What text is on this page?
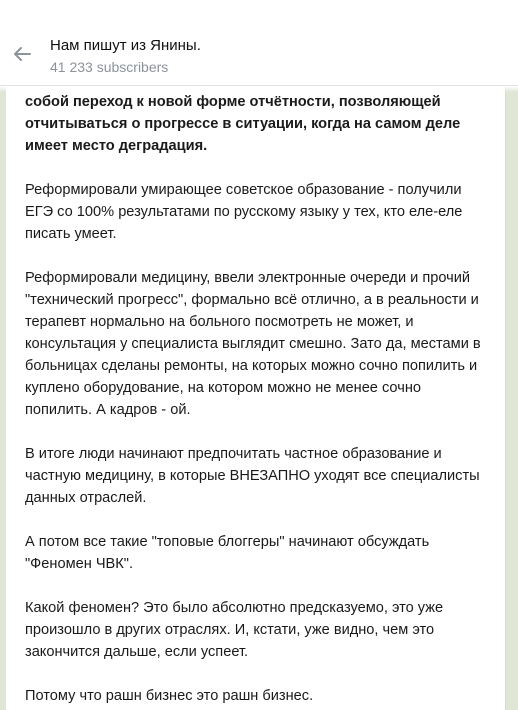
Нам пишут из Янины.
41 233 subscribers
собой переход к новой форме отчётности, позволяющей отчитываться о прогрессе в ситуации, когда на самом деле имеет место деградация.
Реформировали умирающее советское образование - получили ЕГЭ со 100% результатами по русскому языку у тех, кто еле-еле писать умеет.
Реформировали медицину, ввели электронные очереди и прочий "технический прогресс", формально всё отлично, а в реальности и терапевт нормально на больного посмотреть не может, и консультация у специалиста выглядит смешно. Зато да, местами в больницах сделаны ремонты, на которых можно сочно попилить и куплено оборудование, на котором можно не менее сочно попилить. А кадров - ой.
В итоге люди начинают предпочитать частное образование и частную медицину, в которые ВНЕЗАПНО уходят все специалисты данных отраслей.
А потом все такие "топовые блоггеры" начинают обсуждать "Феномен ЧВК".
Какой феномен? Это было абсолютно предсказуемо, это уже произошло в других отраслях. И, кстати, уже видно, чем это закончится дальше, если успеет.
Потому что рашн бизнес это рашн бизнес.
